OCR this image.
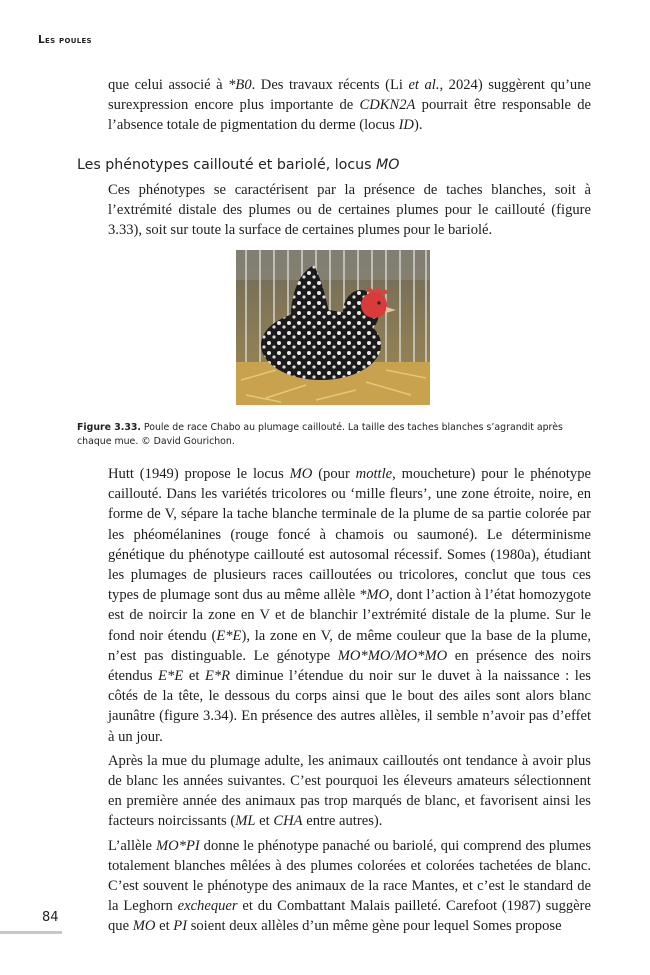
Les poules

que celui associé à *B0. Des travaux récents (Li et al., 2024) suggèrent qu’une surexpression encore plus importante de CDKN2A pourrait être responsable de l’absence totale de pigmentation du derme (locus ID).

Les phénotypes caillouté et bariolé, locus MO

Ces phénotypes se caractérisent par la présence de taches blanches, soit à l’extrémité distale des plumes ou de certaines plumes pour le caillouté (figure 3.33), soit sur toute la surface de certaines plumes pour le bariolé.

Figure 3.33. Poule de race Chabo au plumage caillouté. La taille des taches blanches s’agrandit après chaque mue. © David Gourichon.

Hutt (1949) propose le locus MO (pour mottle, moucheture) pour le phénotype caillouté. Dans les variétés tricolores ou ‘mille fleurs’, une zone étroite, noire, en forme de V, sépare la tache blanche terminale de la plume de sa partie colorée par les phéomélanines (rouge foncé à chamois ou saumoné). Le déterminisme génétique du phénotype caillouté est autosomal récessif. Somes (1980a), étudiant les plumages de plusieurs races cailloutées ou tricolores, conclut que tous ces types de plumage sont dus au même allèle *MO, dont l’action à l’état homozygote est de noircir la zone en V et de blanchir l’extrémité distale de la plume. Sur le fond noir étendu (E*E), la zone en V, de même couleur que la base de la plume, n’est pas distinguable. Le génotype MO*MO/MO*MO en présence des noirs étendus E*E et E*R diminue l’étendue du noir sur le duvet à la naissance : les côtés de la tête, le dessous du corps ainsi que le bout des ailes sont alors blanc jaunâtre (figure 3.34). En présence des autres allèles, il semble n’avoir pas d’effet à un jour.

Après la mue du plumage adulte, les animaux cailloutés ont tendance à avoir plus de blanc les années suivantes. C’est pourquoi les éleveurs amateurs sélectionnent en première année des animaux pas trop marqués de blanc, et favorisent ainsi les facteurs noircissants (ML et CHA entre autres).

L’allèle MO*PI donne le phénotype panaché ou bariolé, qui comprend des plumes totalement blanches mêlées à des plumes colorées et colorées tachetées de blanc. C’est souvent le phénotype des animaux de la race Mantes, et c’est le standard de la Leghorn exchequer et du Combattant Malais pailleté. Carefoot (1987) suggère que MO et PI soient deux allèles d’un même gène pour lequel Somes propose

84
